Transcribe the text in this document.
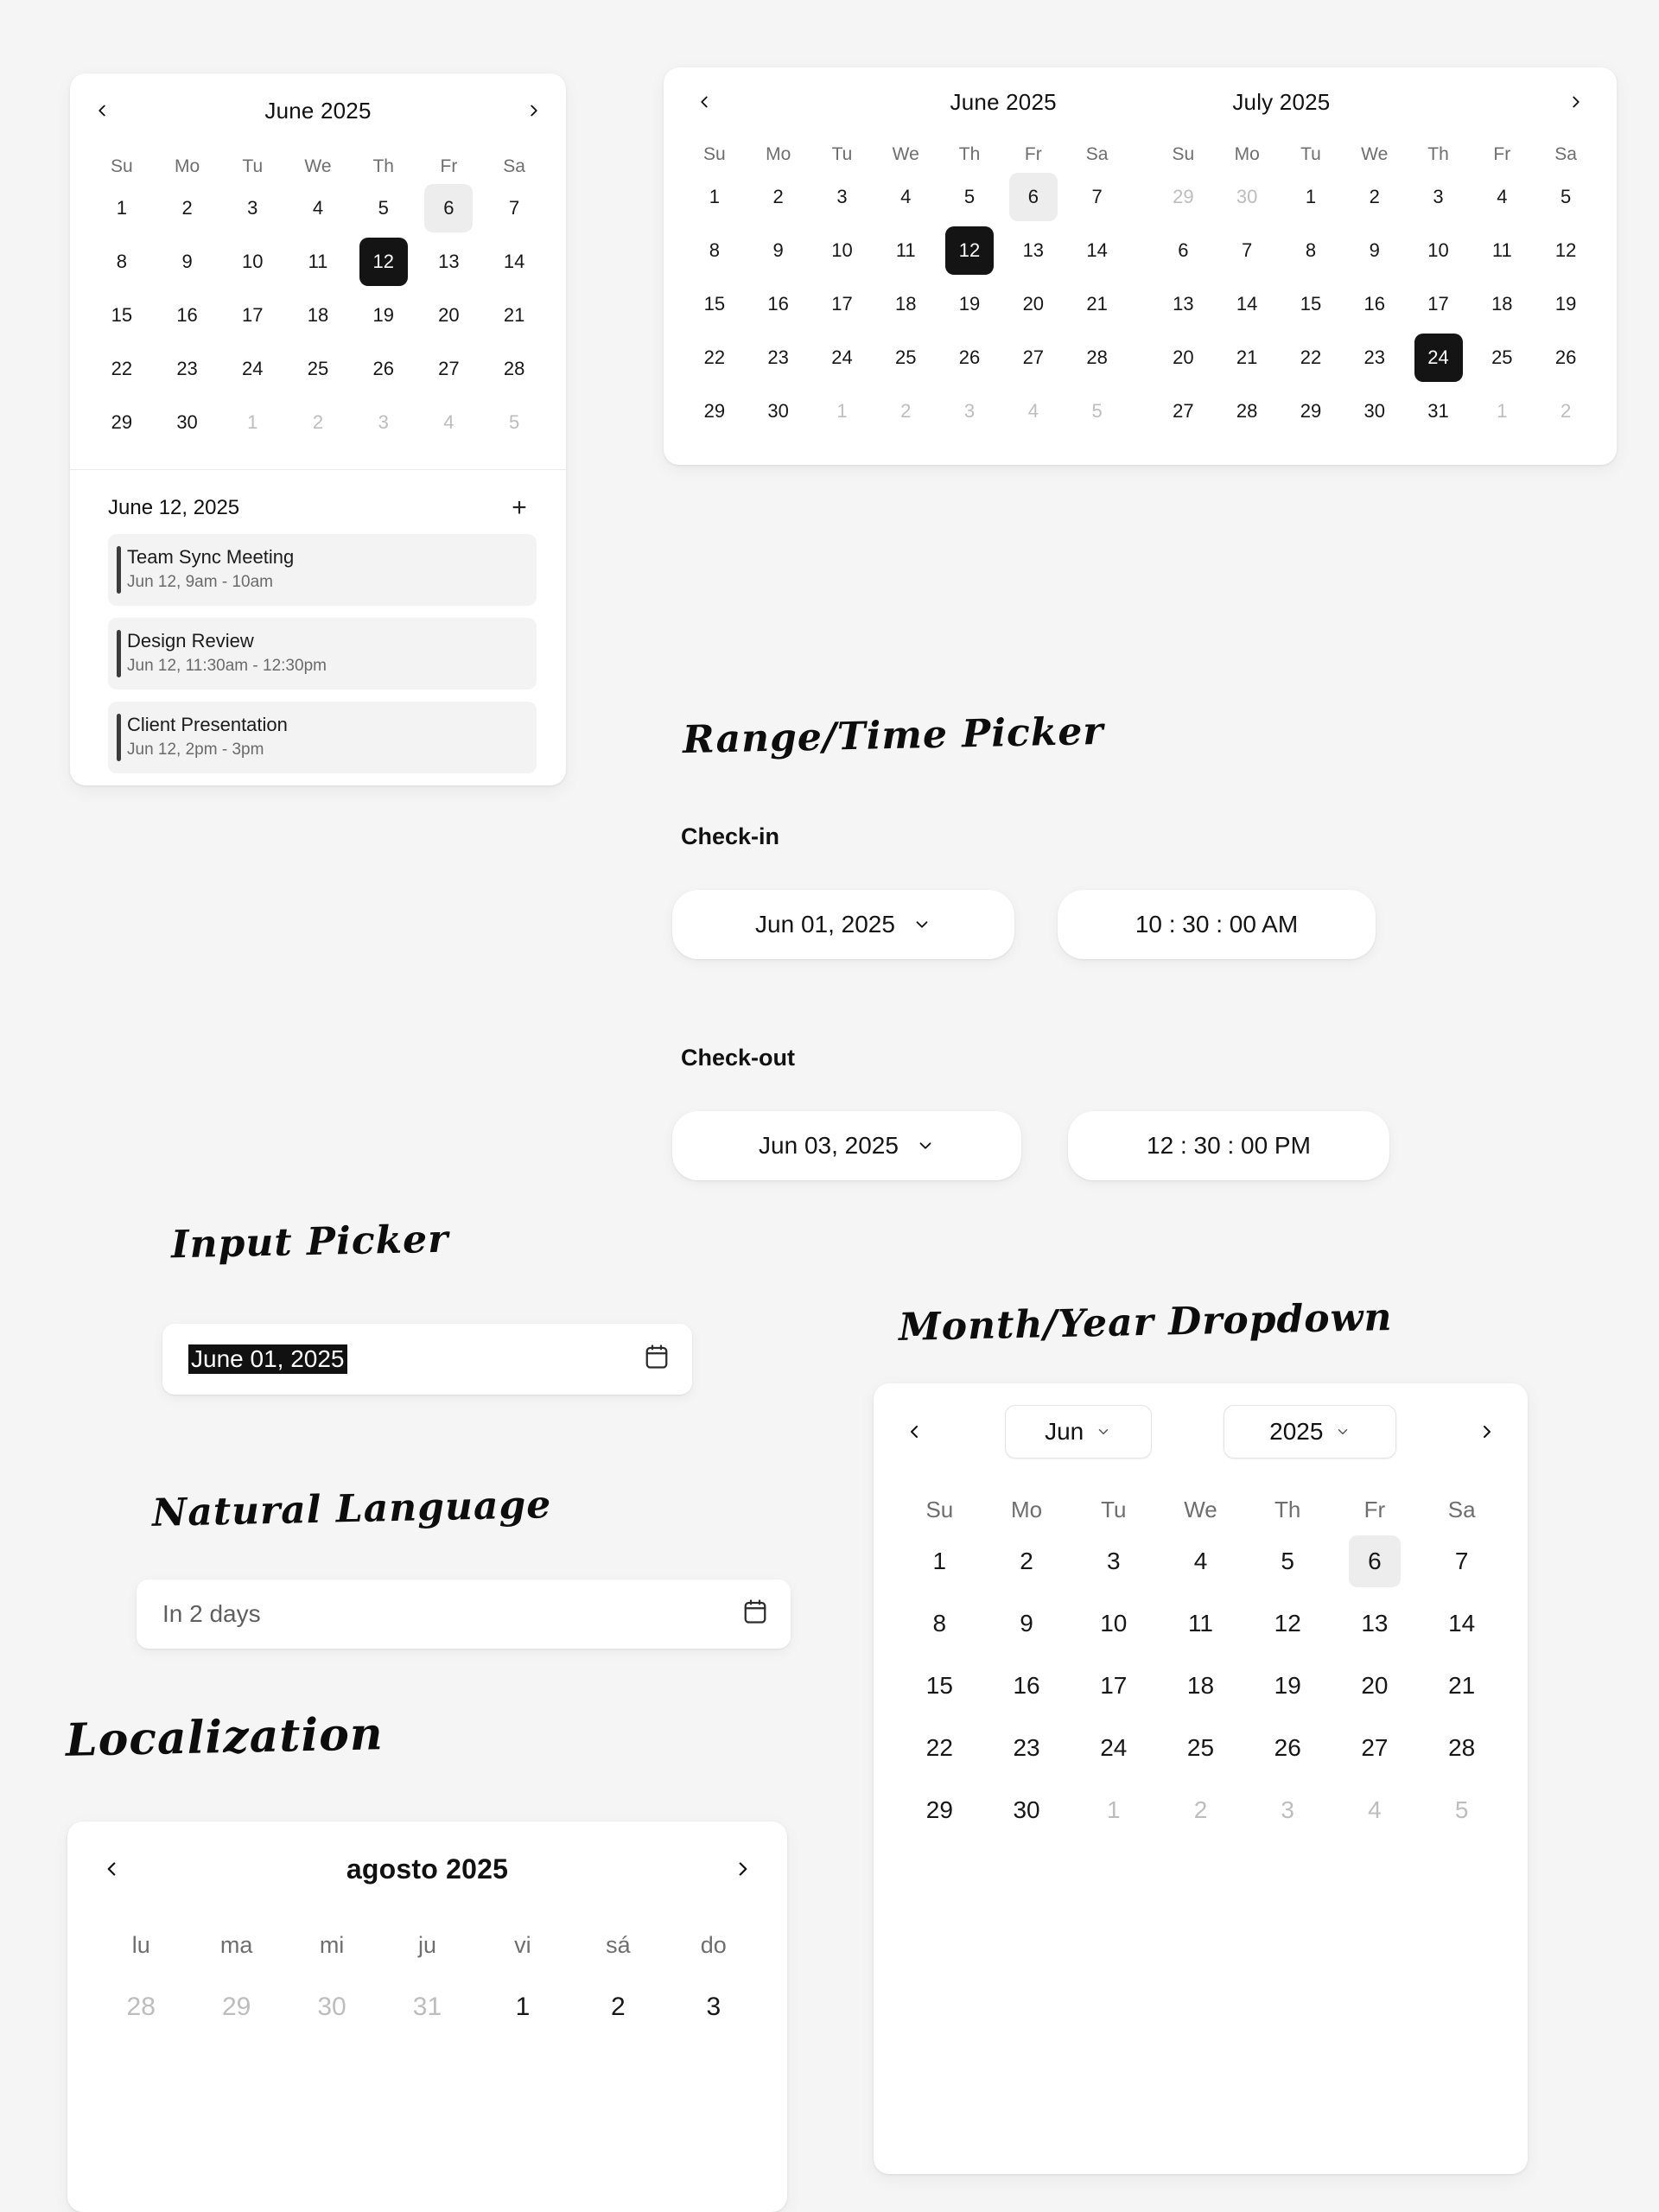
June 2025
Su	Mo	Tu	We	Th	Fr	Sa
1	2	3	4	5	6	7
8	9	10	11	12	13	14
15	16	17	18	19	20	21
22	23	24	25	26	27	28
29	30	1	2	3	4	5
June 12, 2025	+
Team Sync Meeting
Jun 12, 9am - 10am
Design Review
Jun 12, 11:30am - 12:30pm
Client Presentation
Jun 12, 2pm - 3pm
June 2025	July 2025
Su	Mo	Tu	We	Th	Fr	Sa
1	2	3	4	5	6	7
8	9	10	11	12	13	14
15	16	17	18	19	20	21
22	23	24	25	26	27	28
29	30	1	2	3	4	5
Su	Mo	Tu	We	Th	Fr	Sa
29	30	1	2	3	4	5
6	7	8	9	10	11	12
13	14	15	16	17	18	19
20	21	22	23	24	25	26
27	28	29	30	31	1	2
Range/Time Picker
Check-in
Jun 01, 2025	10 : 30 : 00 AM
Check-out
Jun 03, 2025	12 : 30 : 00 PM
Input Picker
June 01, 2025
Natural Language
In 2 days
Localization
agosto 2025
lu	ma	mi	ju	vi	sá	do
28	29	30	31	1	2	3
Month/Year Dropdown
Jun	2025
Su	Mo	Tu	We	Th	Fr	Sa
1	2	3	4	5	6	7
8	9	10	11	12	13	14
15	16	17	18	19	20	21
22	23	24	25	26	27	28
29	30	1	2	3	4	5
